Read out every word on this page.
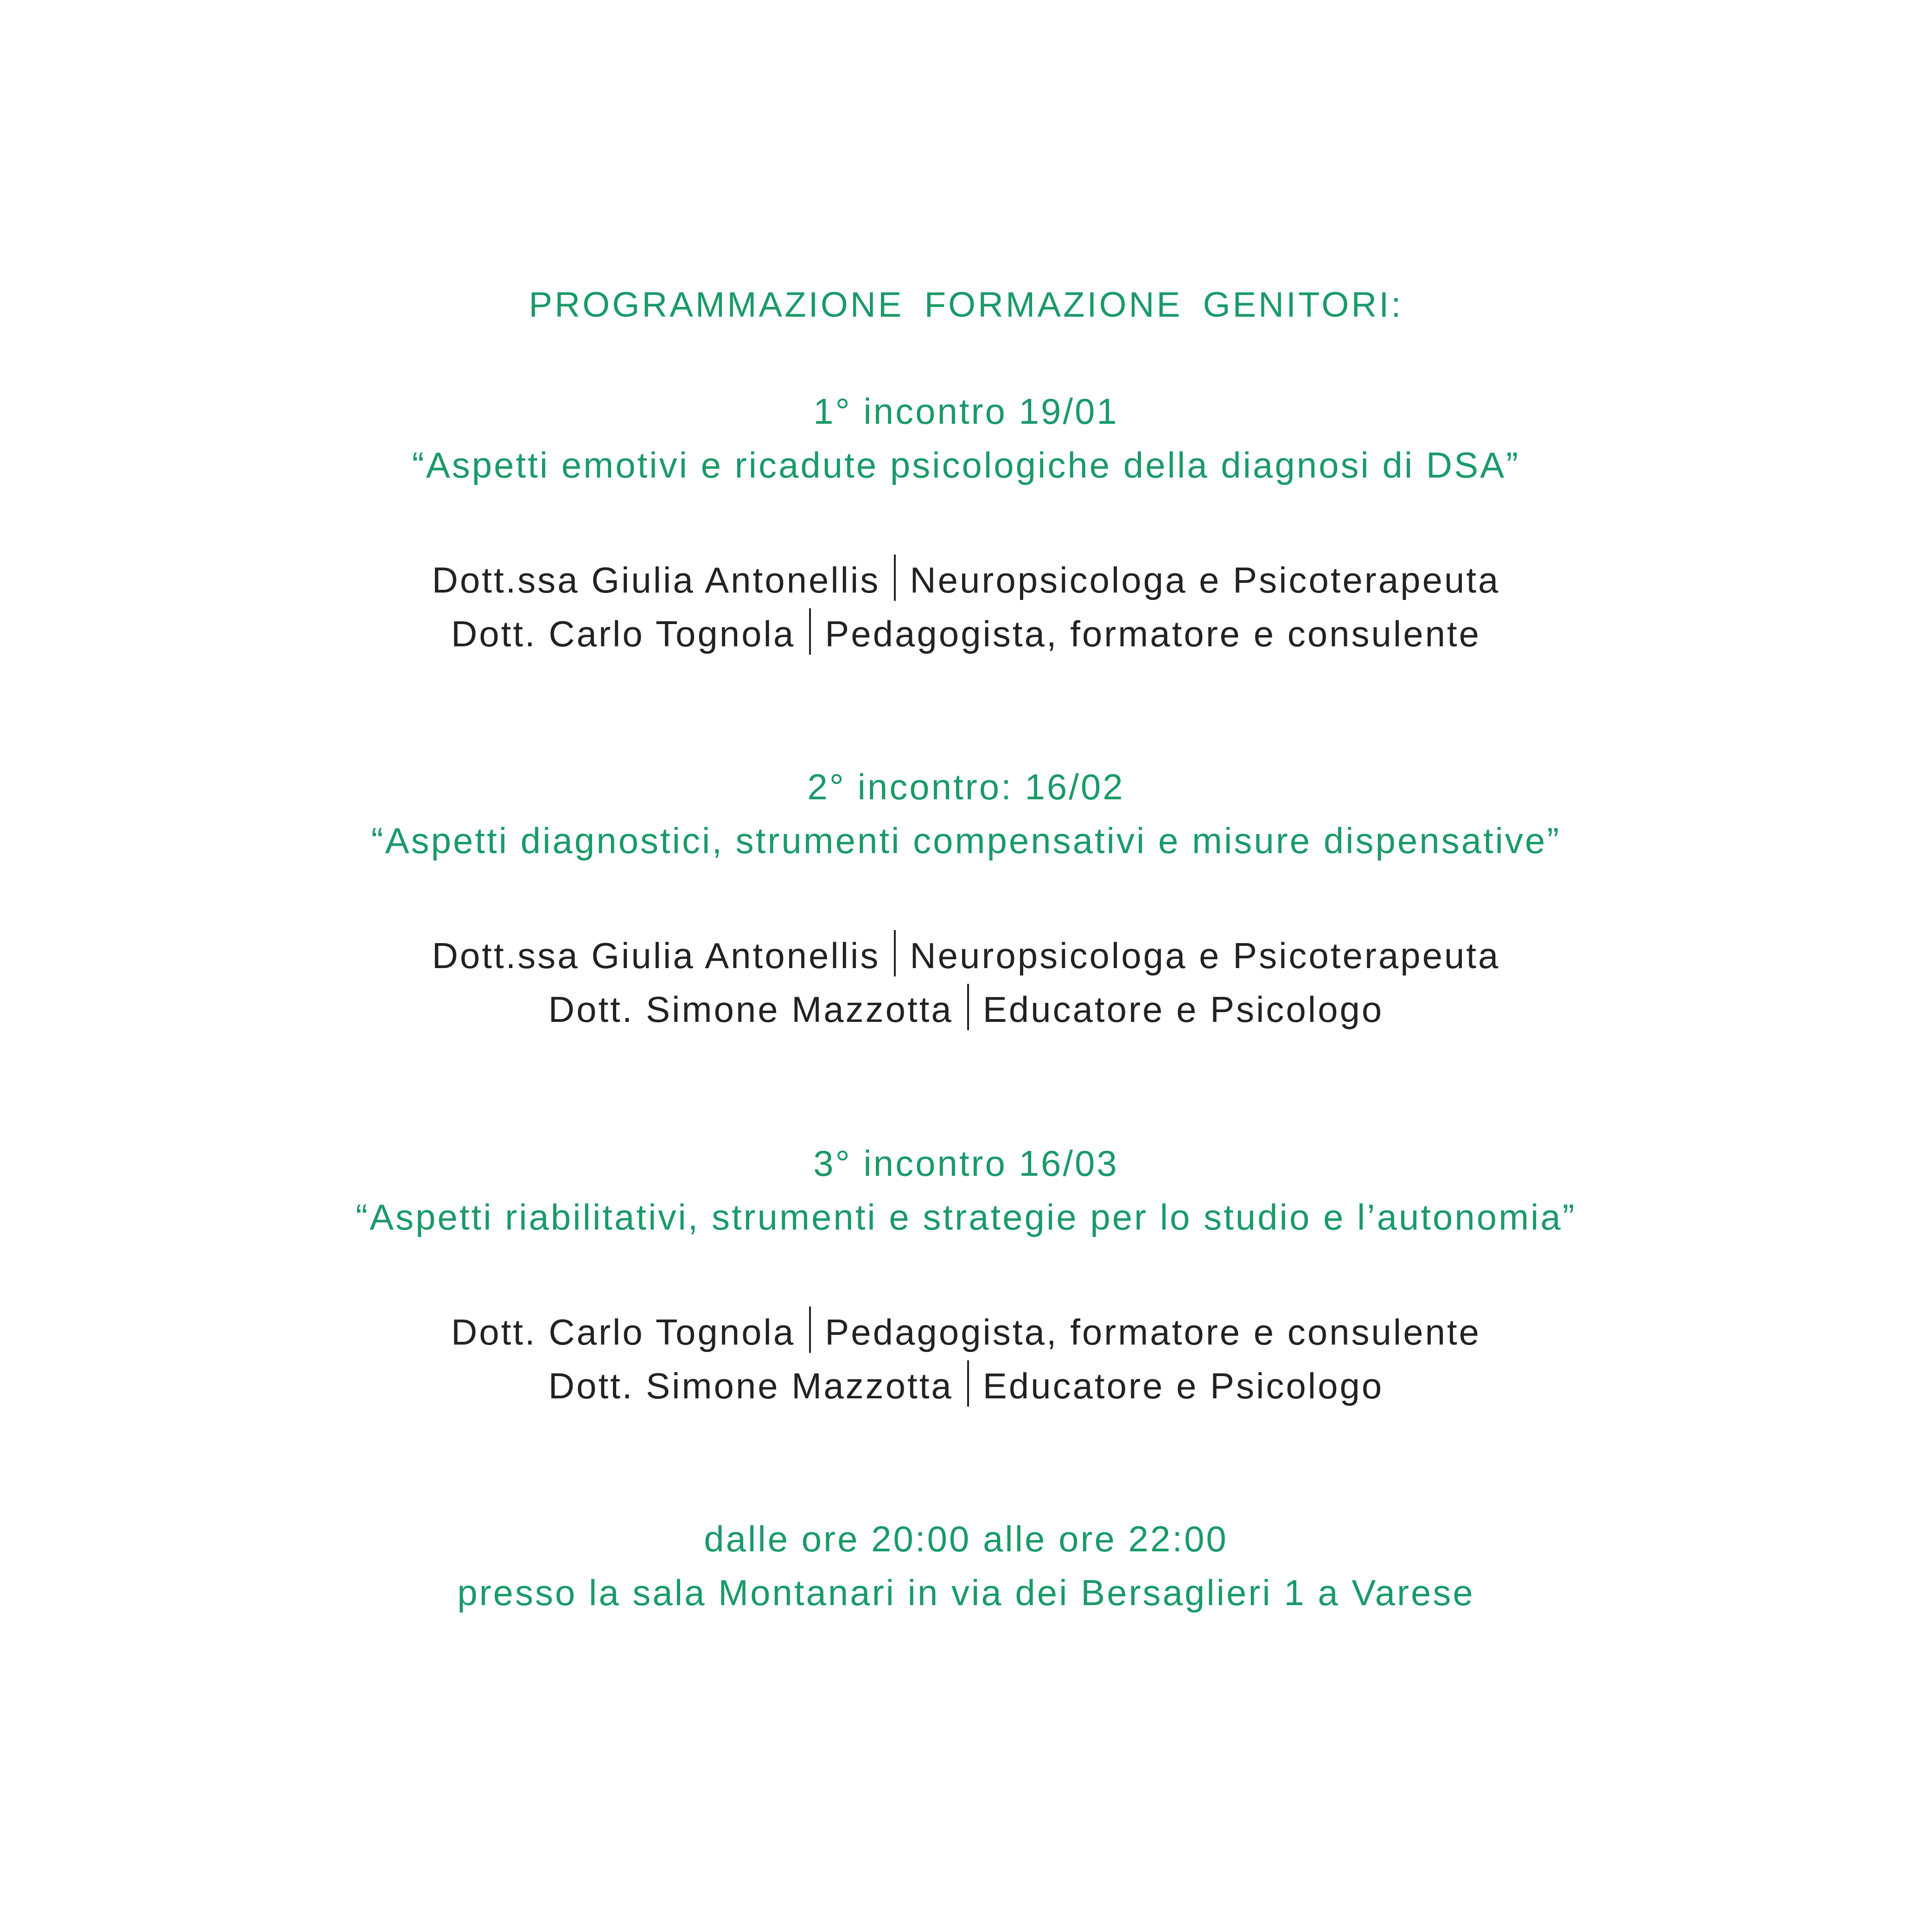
PROGRAMMAZIONE FORMAZIONE GENITORI:
1° incontro 19/01
“Aspetti emotivi e ricadute psicologiche della diagnosi di DSA”
Dott.ssa Giulia Antonellis Neuropsicologa e Psicoterapeuta
Dott. Carlo Tognola Pedagogista, formatore e consulente
2° incontro: 16/02
“Aspetti diagnostici, strumenti compensativi e misure dispensative”
Dott.ssa Giulia Antonellis Neuropsicologa e Psicoterapeuta
Dott. Simone Mazzotta Educatore e Psicologo
3° incontro 16/03
“Aspetti riabilitativi, strumenti e strategie per lo studio e l’autonomia”
Dott. Carlo Tognola Pedagogista, formatore e consulente
Dott. Simone Mazzotta Educatore e Psicologo
dalle ore 20:00 alle ore 22:00
presso la sala Montanari in via dei Bersaglieri 1 a Varese
